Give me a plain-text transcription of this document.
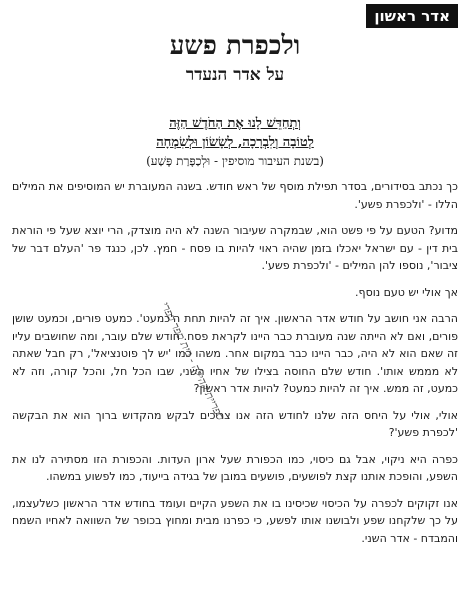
אדר ראשון
ולכפרת פשע
על אדר הנעדר
וְתְחַדֵּשׁ לָנוּ אֶת הַחֹדֶשׁ הַזֶּה
לְטוֹבָה וְלִבְרָכָה, לְשָׂשׂוֹן וּלְשִׂמְחָה
(בשנת העיבור מוסיפין - וּלְכַפָּרַת פָּשַׁע)

כך נכתב בסידורים, בסדר תפילת מוסף של ראש חודש. בשנה המעוברת יש המוסיפים את המילים הללו - 'ולכפרת פשע'.

מדוע? הטעם על פי פשט הוא, שבמקרה שעיבור השנה לא היה מוצדק, הרי יוצא שעל פי הוראת בית דין - עם ישראל יאכלו בזמן שהיה ראוי להיות בו פסח - חמץ. לכן, כנגד פר 'העלם דבר של ציבור', נוספו להן המילים - 'ולכפרת פשע'.

אך אולי יש טעם נוסף.

הרבה אני חושב על חודש אדר הראשון. איך זה להיות תחת ה'כמעט'. כמעט פורים, וכמעט שושן פורים, ואם לא הייתה שנה מעוברת כבר היינו לקראת פסח. חודש שלם עובר, ומה שחושבים עליו זה שאם הוא לא היה, כבר היינו כבר במקום אחר. משהו כמו 'יש לך פוטנציאל', רק חבל שאתה לא מממש אותו'. חודש שלם החוסה בצילו של אחיו השני, שבו הכל חל, והכל קורה, וזה לא כמעט, זה ממש. איך זה להיות כמעט? להיות אדר ראשון?

אולי, אולי על היחס הזה שלנו לחודש הזה אנו צריכים לבקש מהקדוש ברוך הוא את הבקשה 'לכפרת פשע'?

כפרה היא ניקוי, אבל גם כיסוי, כמו הכפורת שעל ארון העדות. והכפורת הזו מסתירה לנו את השפע, והופכת אותנו קצת לפושעים, פושעים במובן של בגידה בייעוד, כמו לפשוע במשהו.

אנו זקוקים לכפרה על הכיסוי שכיסינו בו את השפע הקיים ועומד בחודש אדר הראשון כשלעצמו, על כך שלקחנו שפע ולבושנו אותו לפשע, כי כפרנו מבית ומחוץ בכופר של השוואה לאחיו השמח והמבדח - אדר השני.

ספריית קהילה - בית ספר כפרי
